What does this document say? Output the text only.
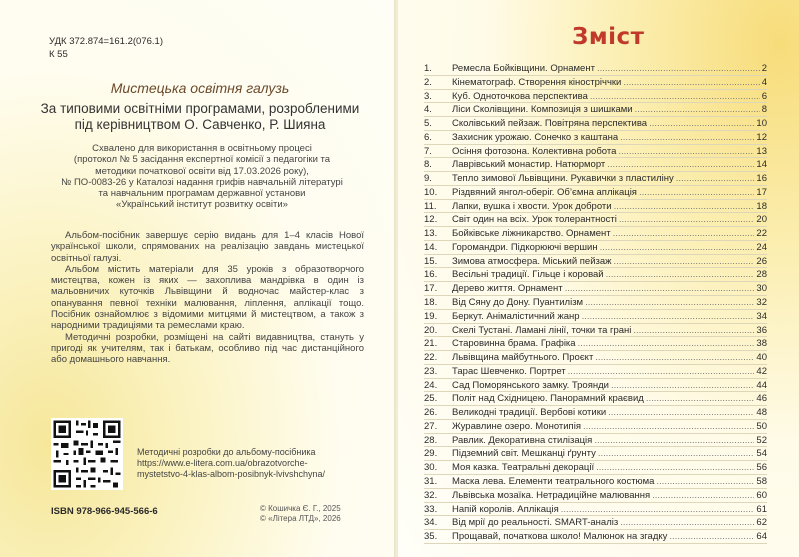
УДК 372.874=161.2(076.1)
К 55
Мистецька освітня галузь
За типовими освітніми програмами, розробленими
під керівництвом О. Савченко, Р. Шияна
Схвалено для використання в освітньому процесі
(протокол № 5 засідання експертної комісії з педагогіки та
методики початкової освіти від 17.03.2026 року),
№ ПО-0083-26 у Каталозі надання грифів навчальній літературі
та навчальним програмам державної установи
«Український інститут розвитку освіти»

Альбом-посібник завершує серію видань для 1–4 класів Нової української школи, спрямованих на реалізацію завдань мистецької освітньої галузі.

Альбом містить матеріали для 35 уроків з образотворчого мистецтва, кожен із яких — захоплива мандрівка в один із мальовничих куточків Львівщини й водночас майстер-клас з опанування певної техніки малювання, ліплення, аплікації тощо. Посібник ознайомлює з відомими митцями й мистецтвом, а також з народними традиціями та ремеслами краю.

Методичні розробки, розміщені на сайті видавництва, стануть у пригоді як учителям, так і батькам, особливо під час дистанційного або домашнього навчання.

Методичні розробки до альбому-посібника
https://www.e-litera.com.ua/obrazotvorche-
mystetstvo-4-klas-albom-posibnyk-lvivshchyna/
ISBN 978-966-945-566-6	© Кошичка Є. Г., 2025
© «Літера ЛТД», 2026
Зміст
1.	Ремесла Бойківщини. Орнамент .....	2
2.	Кінематограф. Створення кіностріччки .....	4
3.	Куб. Одноточкова перспектива .....	6
4.	Ліси Сколівщини. Композиція з шишками .....	8
5.	Сколівський пейзаж. Повітряна перспектива .....	10
6.	Захисник урожаю. Сонечко з каштана .....	12
7.	Осіння фотозона. Колективна робота .....	13
8.	Лаврівський монастир. Натюрморт .....	14
9.	Тепло зимової Львівщини. Рукавички з пластиліну .....	16
10.	Різдвяний янгол-оберіг. Об’ємна аплікація .....	17
11.	Лапки, вушка і хвости. Урок доброти .....	18
12.	Світ один на всіх. Урок толерантності .....	20
13.	Бойківське ліжникарство. Орнамент .....	22
14.	Горомандри. Підкорюючі вершин .....	24
15.	Зимова атмосфера. Міський пейзаж .....	26
16.	Весільні традиції. Гільце і коровай .....	28
17.	Дерево життя. Орнамент .....	30
18.	Від Сяну до Дону. Пуантилізм .....	32
19.	Беркут. Анімалістичний жанр .....	34
20.	Скелі Тустані. Ламані лінії, точки та грані .....	36
21.	Старовинна брама. Графіка .....	38
22.	Львівщина майбутнього. Проєкт .....	40
23.	Тарас Шевченко. Портрет .....	42
24.	Сад Поморянського замку. Троянди .....	44
25.	Політ над Східницею. Панорамний краєвид .....	46
26.	Великодні традиції. Вербові котики .....	48
27.	Журавлине озеро. Монотипія .....	50
28.	Равлик. Декоративна стилізація .....	52
29.	Підземний світ. Мешканці ґрунту .....	54
30.	Моя казка. Театральні декорації .....	56
31.	Маска лева. Елементи театрального костюма .....	58
32.	Львівська мозаїка. Нетрадиційне малювання .....	60
33.	Напій королів. Аплікація .....	61
34.	Від мрії до реальності. SMART-аналіз .....	62
35.	Прощавай, початкова школо! Малюнок на згадку .....	64
